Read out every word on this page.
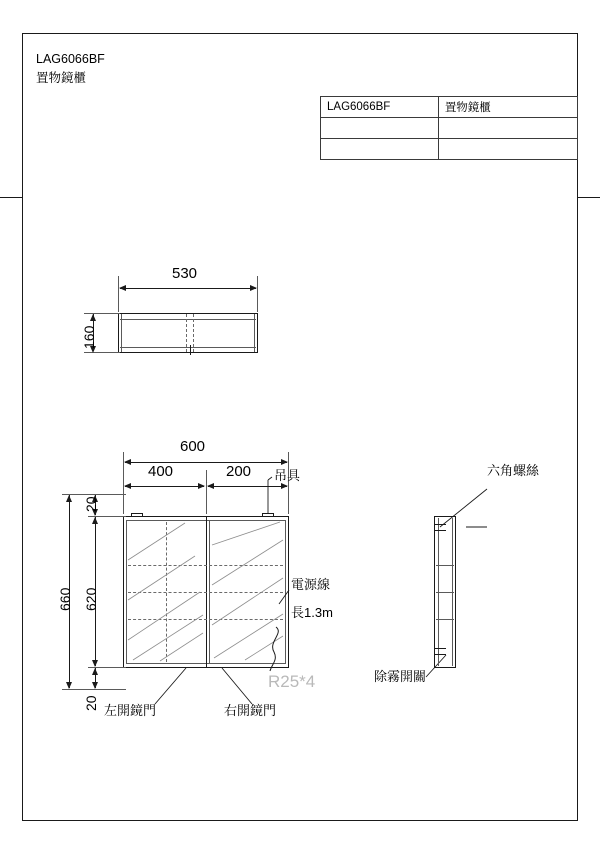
LAG6066BF
置物鏡櫃
LAG6066BF	置物鏡櫃

530
160
600
400	200 吊具
20
620
20
660
電源線
長1.3m
左開鏡門	右開鏡門
R25*4
六角螺絲
除霧開關
